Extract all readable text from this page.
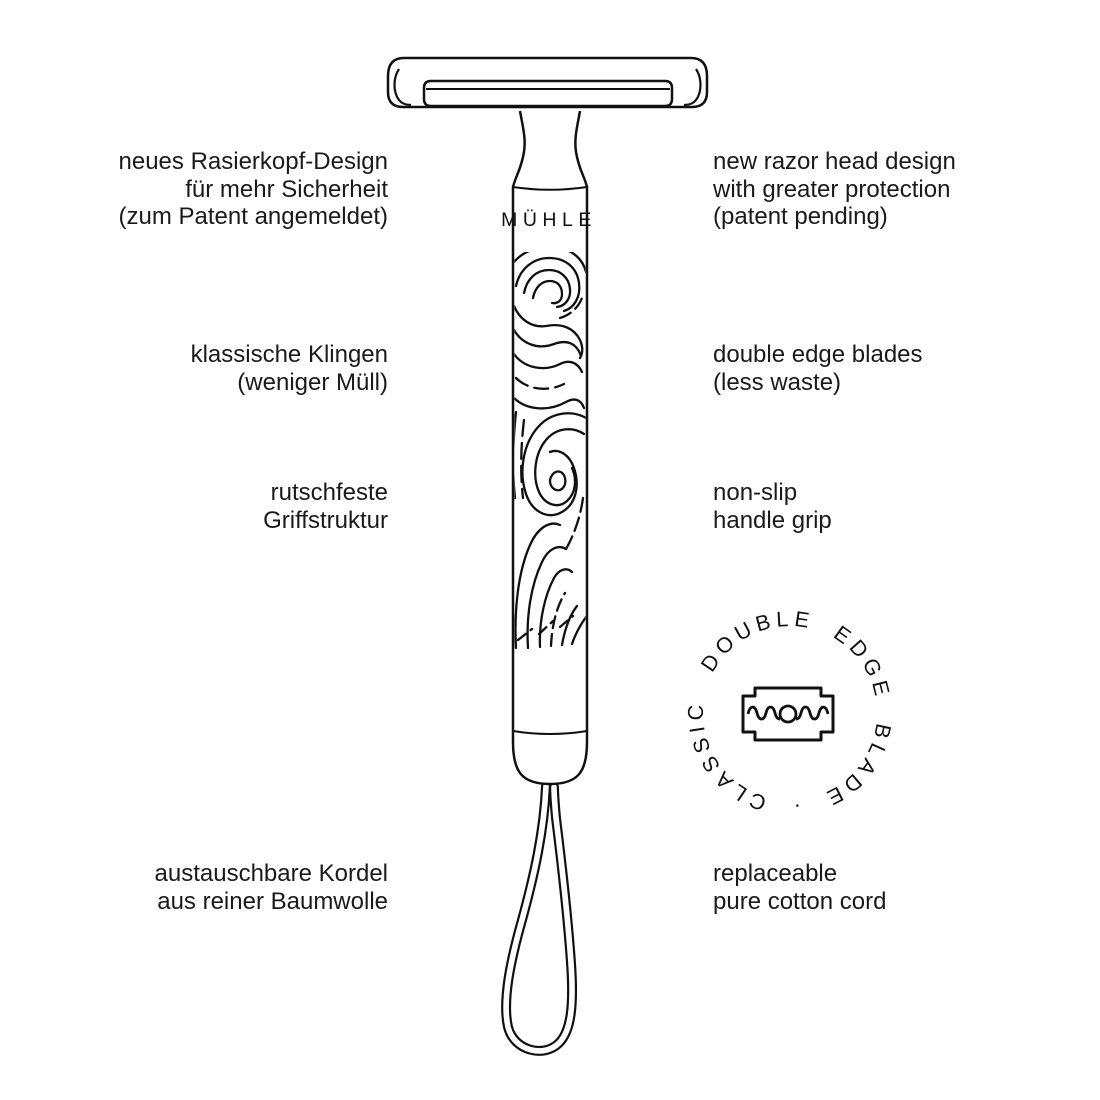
MÜHLE
DOUBLE EDGE BLADE · CLASSIC
neues Rasierkopf-Design
für mehr Sicherheit
(zum Patent angemeldet)
klassische Klingen
(weniger Müll)
rutschfeste
Griffstruktur
austauschbare Kordel
aus reiner Baumwolle
new razor head design
with greater protection
(patent pending)
double edge blades
(less waste)
non-slip
handle grip
replaceable
pure cotton cord
